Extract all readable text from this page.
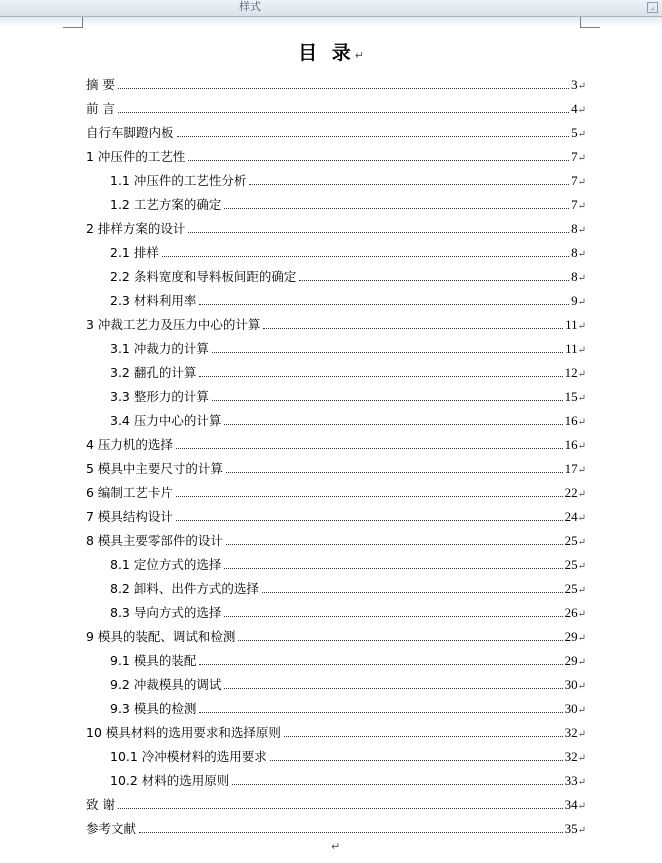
样式	⌟
目 录↵
摘 要	3↵
前 言	4↵
自行车脚蹬内板	5↵
1 冲压件的工艺性	7↵
1.1 冲压件的工艺性分析	7↵
1.2 工艺方案的确定	7↵
2 排样方案的设计	8↵
2.1 排样	8↵
2.2 条料宽度和导料板间距的确定	8↵
2.3 材料利用率	9↵
3 冲裁工艺力及压力中心的计算	11↵
3.1 冲裁力的计算	11↵
3.2 翻孔的计算	12↵
3.3 整形力的计算	15↵
3.4 压力中心的计算	16↵
4 压力机的选择	16↵
5 模具中主要尺寸的计算	17↵
6 编制工艺卡片	22↵
7 模具结构设计	24↵
8 模具主要零部件的设计	25↵
8.1 定位方式的选择	25↵
8.2 卸料、出件方式的选择	25↵
8.3 导向方式的选择	26↵
9 模具的装配、调试和检测	29↵
9.1 模具的装配	29↵
9.2 冲裁模具的调试	30↵
9.3 模具的检测	30↵
10 模具材料的选用要求和选择原则	32↵
10.1 冷冲模材料的选用要求	32↵
10.2 材料的选用原则	33↵
致 谢	34↵
参考文献	35↵
↵
